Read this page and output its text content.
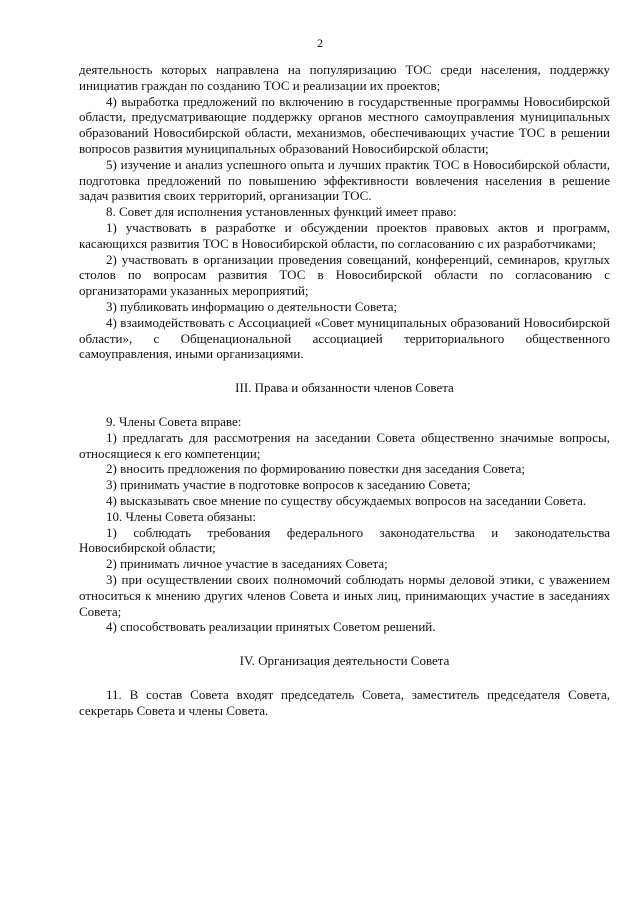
2

деятельность которых направлена на популяризацию ТОС среди населения, поддержку инициатив граждан по созданию ТОС и реализации их проектов;

4) выработка предложений по включению в государственные программы Новосибирской области, предусматривающие поддержку органов местного самоуправления муниципальных образований Новосибирской области, механизмов, обеспечивающих участие ТОС в решении вопросов развития муниципальных образований Новосибирской области;

5) изучение и анализ успешного опыта и лучших практик ТОС в Новосибирской области, подготовка предложений по повышению эффективности вовлечения населения в решение задач развития своих территорий, организации ТОС.

8. Совет для исполнения установленных функций имеет право:

1) участвовать в разработке и обсуждении проектов правовых актов и программ, касающихся развития ТОС в Новосибирской области, по согласованию с их разработчиками;

2) участвовать в организации проведения совещаний, конференций, семинаров, круглых столов по вопросам развития ТОС в Новосибирской области по согласованию с организаторами указанных мероприятий;

3) публиковать информацию о деятельности Совета;

4) взаимодействовать с Ассоциацией «Совет муниципальных образований Новосибирской области», с Общенациональной ассоциацией территориального общественного самоуправления, иными организациями.

III. Права и обязанности членов Совета

9. Члены Совета вправе:

1) предлагать для рассмотрения на заседании Совета общественно значимые вопросы, относящиеся к его компетенции;

2) вносить предложения по формированию повестки дня заседания Совета;

3) принимать участие в подготовке вопросов к заседанию Совета;

4) высказывать свое мнение по существу обсуждаемых вопросов на заседании Совета.

10. Члены Совета обязаны:

1) соблюдать требования федерального законодательства и законодательства Новосибирской области;

2) принимать личное участие в заседаниях Совета;

3) при осуществлении своих полномочий соблюдать нормы деловой этики, с уважением относиться к мнению других членов Совета и иных лиц, принимающих участие в заседаниях Совета;

4) способствовать реализации принятых Советом решений.

IV. Организация деятельности Совета

11. В состав Совета входят председатель Совета, заместитель председателя Совета, секретарь Совета и члены Совета.
